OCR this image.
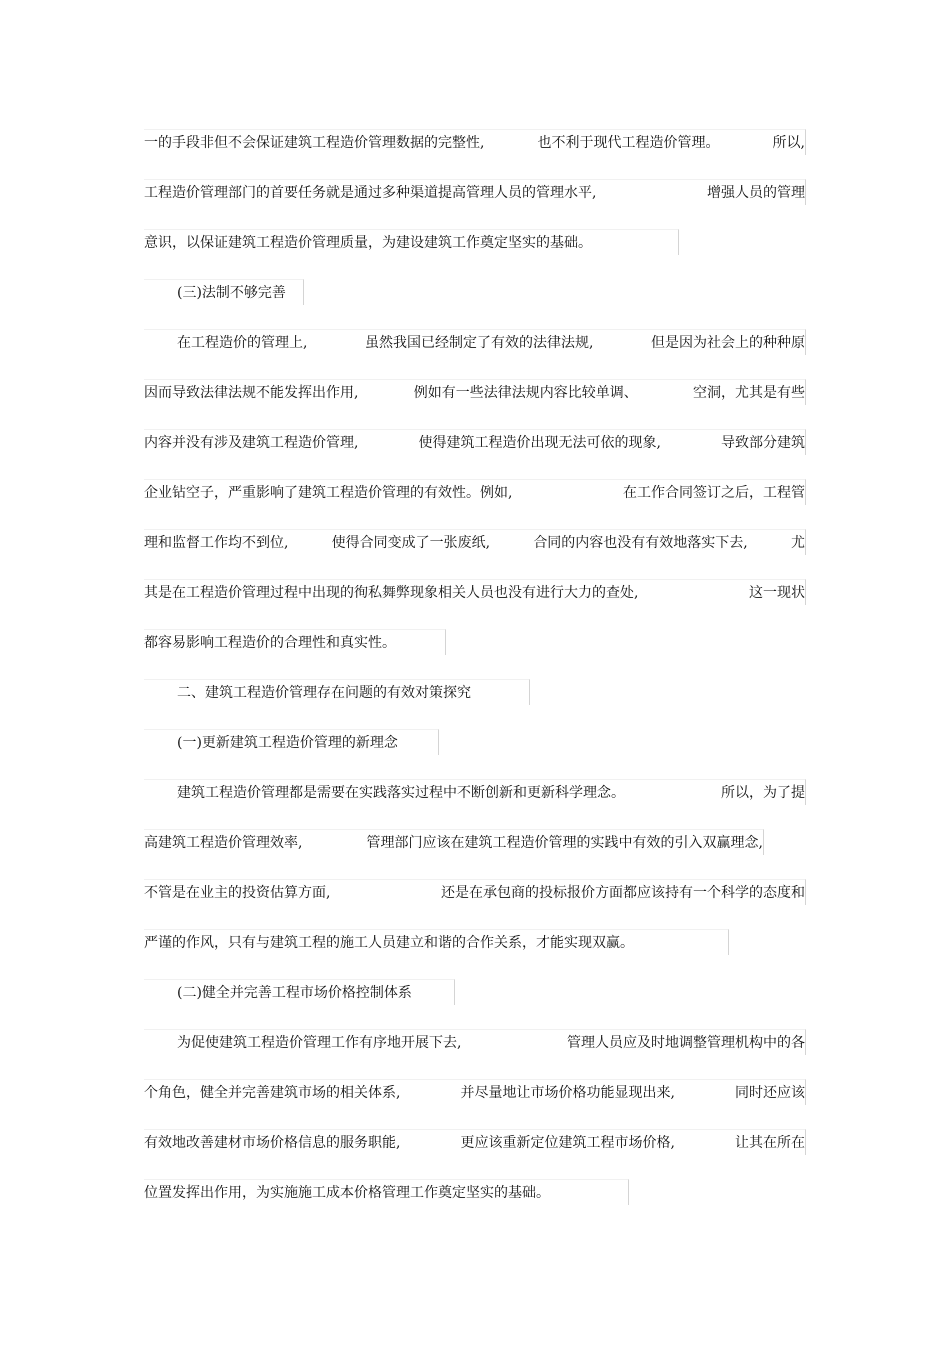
一的手段非但不会保证建筑工程造价管理数据的完整性,	也不利于现代工程造价管理。	所以,
工程造价管理部门的首要任务就是通过多种渠道提高管理人员的管理水平,	增强人员的管理
意识，以保证建筑工程造价管理质量，为建设建筑工作奠定坚实的基础。
(三)法制不够完善
在工程造价的管理上,	虽然我国已经制定了有效的法律法规,	但是因为社会上的种种原
因而导致法律法规不能发挥出作用,	例如有一些法律法规内容比较单调、	空洞，尤其是有些
内容并没有涉及建筑工程造价管理,	使得建筑工程造价出现无法可依的现象,	导致部分建筑
企业钻空子，严重影响了建筑工程造价管理的有效性。例如,	在工作合同签订之后，工程管
理和监督工作均不到位,	使得合同变成了一张废纸,	合同的内容也没有有效地落实下去,	尤
其是在工程造价管理过程中出现的徇私舞弊现象相关人员也没有进行大力的查处,	这一现状
都容易影响工程造价的合理性和真实性。
二、建筑工程造价管理存在问题的有效对策探究
(一)更新建筑工程造价管理的新理念
建筑工程造价管理都是需要在实践落实过程中不断创新和更新科学理念。	所以，为了提
高建筑工程造价管理效率,	管理部门应该在建筑工程造价管理的实践中有效的引入双赢理念,
不管是在业主的投资估算方面,	还是在承包商的投标报价方面都应该持有一个科学的态度和
严谨的作风，只有与建筑工程的施工人员建立和谐的合作关系，才能实现双赢。
(二)健全并完善工程市场价格控制体系
为促使建筑工程造价管理工作有序地开展下去,	管理人员应及时地调整管理机构中的各
个角色，健全并完善建筑市场的相关体系,	并尽量地让市场价格功能显现出来,	同时还应该
有效地改善建材市场价格信息的服务职能,	更应该重新定位建筑工程市场价格,	让其在所在
位置发挥出作用，为实施施工成本价格管理工作奠定坚实的基础。
